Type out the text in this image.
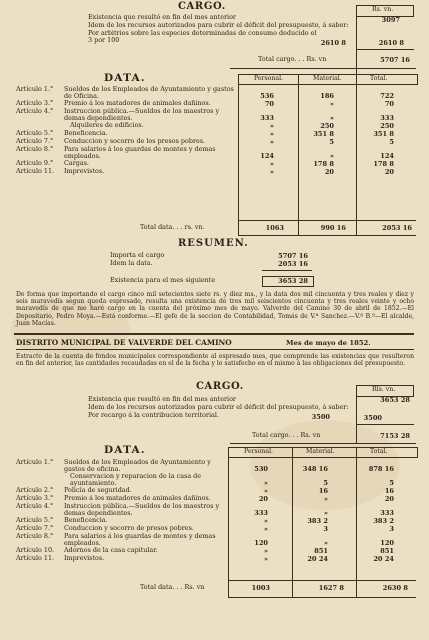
CARGO.	Rs. vn.
Existencia que resultó en fin del mes anterior
Idem de los recursos autorizados para cubrir el déficit del presupuesto, á saber:
Por arbitrios sobre las especies determinadas de consumo deducido el 3 por 100
3097
2610 8	2610 8
Total cargo. . . Rs. vn	5707 16
DATA.	Personal.	Material.	Total.
Artículo 1.° Sueldos de los Empleados de Ayuntamiento y gastos de Oficina.	536	186	722
Artículo 3.° Premio á los matadores de animales dañinos.	70	»	70
Artículo 4.° Instruccion pública.—Sueldos de los maestros y demas dependientes.	333	»	333
Alquileres de edificios.	»	250	250
Artículo 5.° Beneficencia.	»	351 8	351 8
Artículo 7.° Conduccion y socorro de los presos pobres.	»	5	5
Artículo 8.° Para salarios á los guardas de montes y demas empleados.	124	»	124
Artículo 9.° Cargas.	»	178 8	178 8
Artículo 11. Imprevistos.	»	20	20
Total data. . . rs. vn.	1063	990 16	2053 16
RESUMEN.
Importa el cargo	5707 16
Idem la data.	2053 16
Existencia para el mes siguiente	3653 28
De forma que importando el cargo cinco mil setecientos siete rs. y diez ms., y la data dos mil cincuenta y tres reales y diez y seis maravedís segun queda espresado, resulta una existencia de tres mil seiscientos cincuenta y tres reales veinte y ocho maravedís de que me haré cargo en la cuenta del próximo mes de mayo. Valverde del Camino 30 de abril de 1852.—El Depositario, Pedro Moya.—Está conforme.—El gefe de la seccion de Contabilidad, Tomás de V.ª Sanchez.—V.º B.º—El alcalde, Juan Macías.
DISTRITO MUNICIPAL DE VALVERDE DEL CAMINO	Mes de mayo de 1852.
Estracto de la cuenta de fondos municipales correspondiente al espresado mes, que comprende las existencias que resulteron en fin del anterior, las cantidades recaudadas en el de la fecha y lo satisfecho en el mismo á las obligaciones del presupuesto.
CARGO.	Rls. vn.
Existencia que resultó en fin del mes anterior
Idem de los recursos autorizados para cubrir el déficit del presupuesto, á saber:
Por recargo á la contribucion territorial.
3653 28
3500	3500
Total cargo. . . Rs. vn	7153 28
DATA.	Personal.	Material.	Total.
Artículo 1.° Sueldos de los Empleados de Ayuntamiento y gastos de oficina.	530	348 16	878 16
Conservacion y reparacion de la casa de ayuntamiento.	»	5	5
Artículo 2.° Policía de seguridad.	»	16	16
Artículo 3.° Premio á los matadores de animales dañinos.	20	»	20
Artículo 4.° Instruccion pública.—Sueldos de los maestros y demas dependientes.	333	»	333
Artículo 5.° Beneficencia.	»	383 2	383 2
Artículo 7.° Conduccion y socorro de presos pobres.	»	3	3
Artículo 8.° Para salarios á los guardas de montes y demas empleados.	120	»	120
Artículo 10. Adornos de la casa capitular.	»	851	851
Artículo 11. Imprevistos.	»	20 24	20 24
Total data. . . Rs. vn	1003	1627 8	2630 8
